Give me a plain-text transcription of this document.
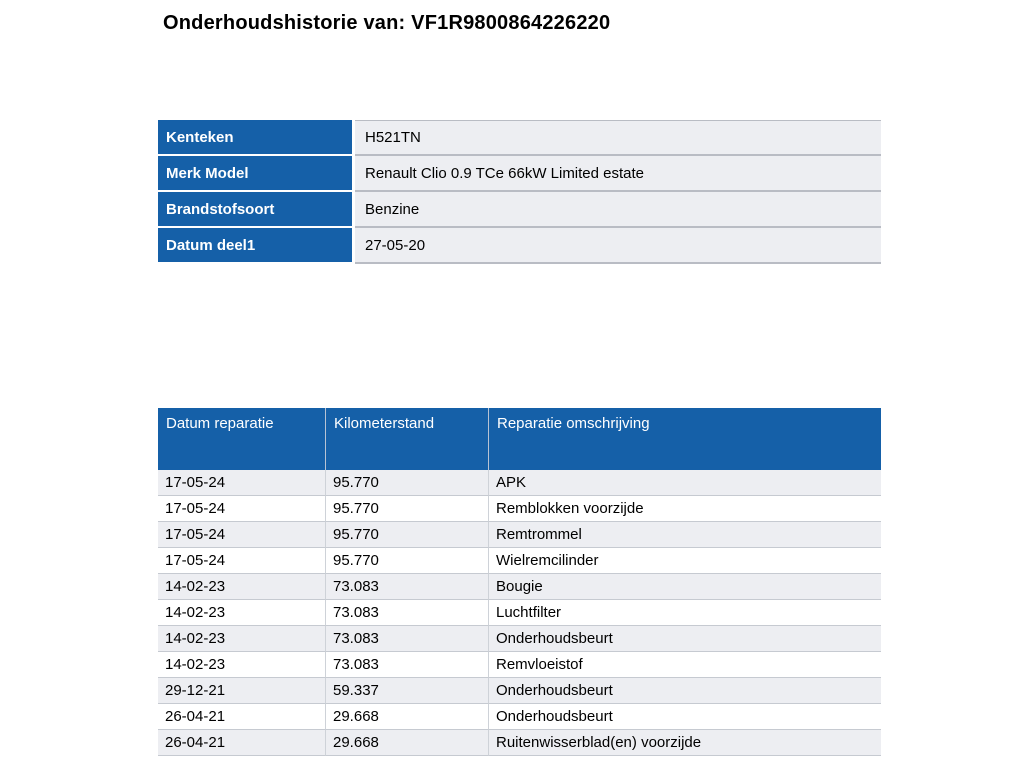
Onderhoudshistorie van: VF1R9800864226220
Kenteken	H521TN
Merk Model	Renault Clio 0.9 TCe 66kW Limited estate
Brandstofsoort	Benzine
Datum deel1	27-05-20
Datum reparatie	Kilometerstand	Reparatie omschrijving
17-05-24	95.770	APK
17-05-24	95.770	Remblokken voorzijde
17-05-24	95.770	Remtrommel
17-05-24	95.770	Wielremcilinder
14-02-23	73.083	Bougie
14-02-23	73.083	Luchtfilter
14-02-23	73.083	Onderhoudsbeurt
14-02-23	73.083	Remvloeistof
29-12-21	59.337	Onderhoudsbeurt
26-04-21	29.668	Onderhoudsbeurt
26-04-21	29.668	Ruitenwisserblad(en) voorzijde
